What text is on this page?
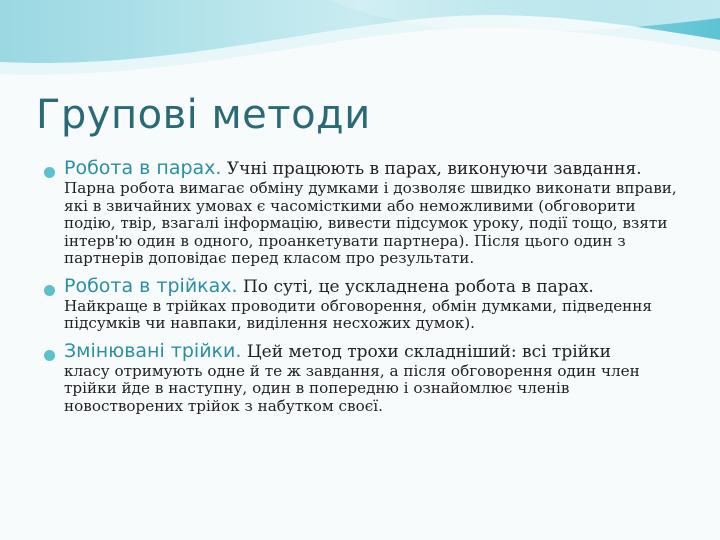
Групові методи
Робота в парах. Учні працюють в парах, виконуючи завдання.
Парна робота вимагає обміну думками і дозволяє швидко виконати вправи, які в звичайних умовах є часомісткими або неможливими (обговорити подію, твір, взагалі інформацію, вивести підсумок уроку, події тощо, взяти інтерв'ю один в одного, проанкетувати партнера). Після цього один з партнерів доповідає перед класом про результати.
Робота в трійках. По суті, це ускладнена робота в парах.
Найкраще в трійках проводити обговорення, обмін думками, підведення підсумків чи навпаки, виділення несхожих думок).
Змінювані трійки. Цей метод трохи складніший: всі трійки
класу отримують одне й те ж завдання, а після обговорення один член трійки йде в наступну, один в попередню і ознайомлює членів новостворених трійок з набутком своєї.
